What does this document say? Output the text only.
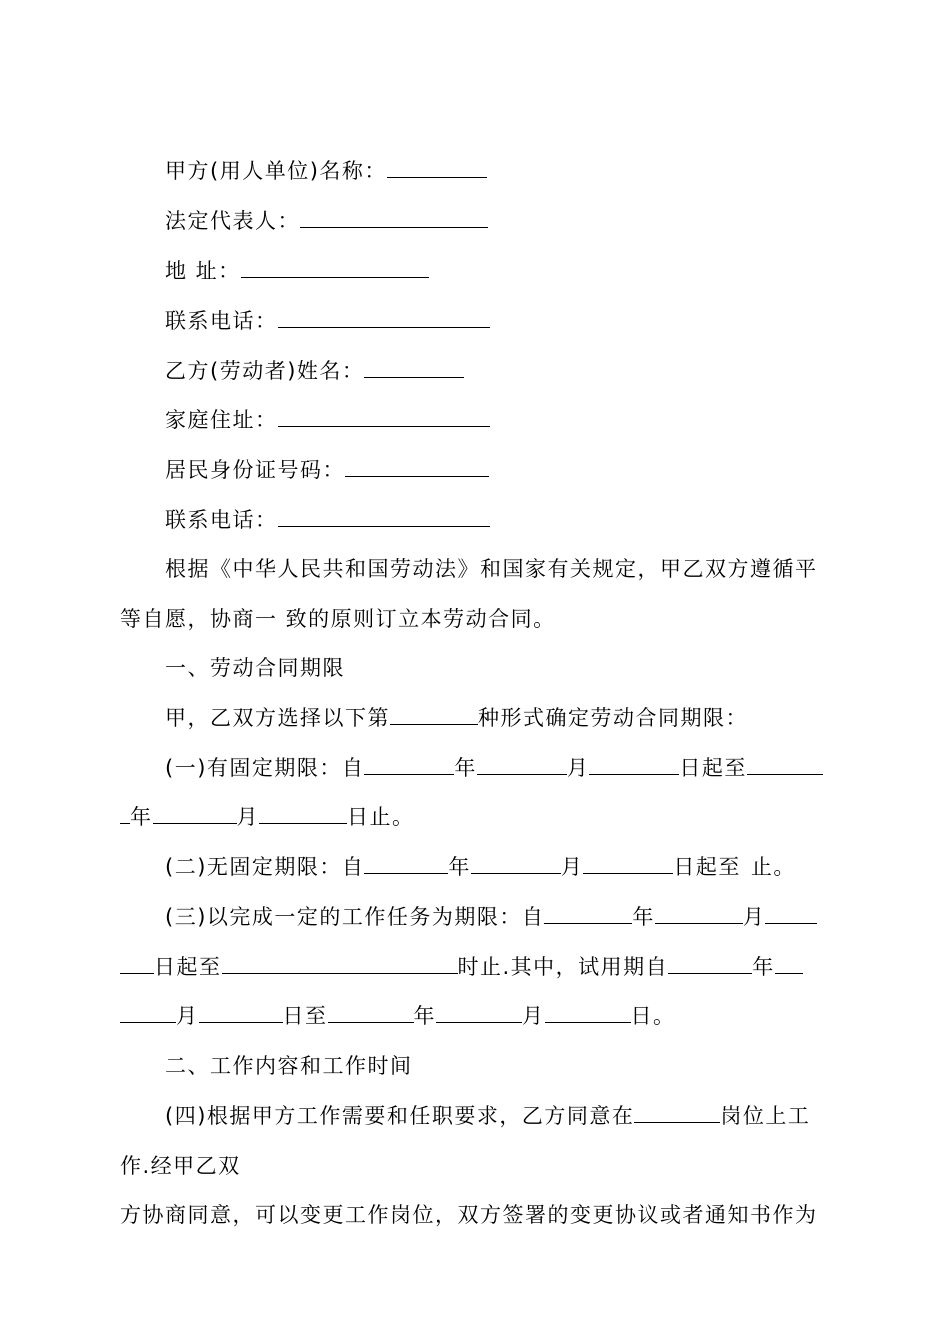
甲方(用人单位)名称：
法定代表人：
地 址：
联系电话：
乙方(劳动者)姓名：
家庭住址：
居民身份证号码：
联系电话：
根据《中华人民共和国劳动法》和国家有关规定，甲乙双方遵循平
等自愿，协商一 致的原则订立本劳动合同。
一、劳动合同期限
甲，乙双方选择以下第	种形式确定劳动合同期限：
(一)有固定期限：自	年	月	日起至
年	月	日止。
(二)无固定期限：自	年	月	日起至 止。
(三)以完成一定的工作任务为期限：自	年	月
日起至	时止.其中，试用期自	年
月	日至	年	月	日。
二、工作内容和工作时间
(四)根据甲方工作需要和任职要求，乙方同意在	岗位上工
作.经甲乙双
方协商同意，可以变更工作岗位，双方签署的变更协议或者通知书作为
